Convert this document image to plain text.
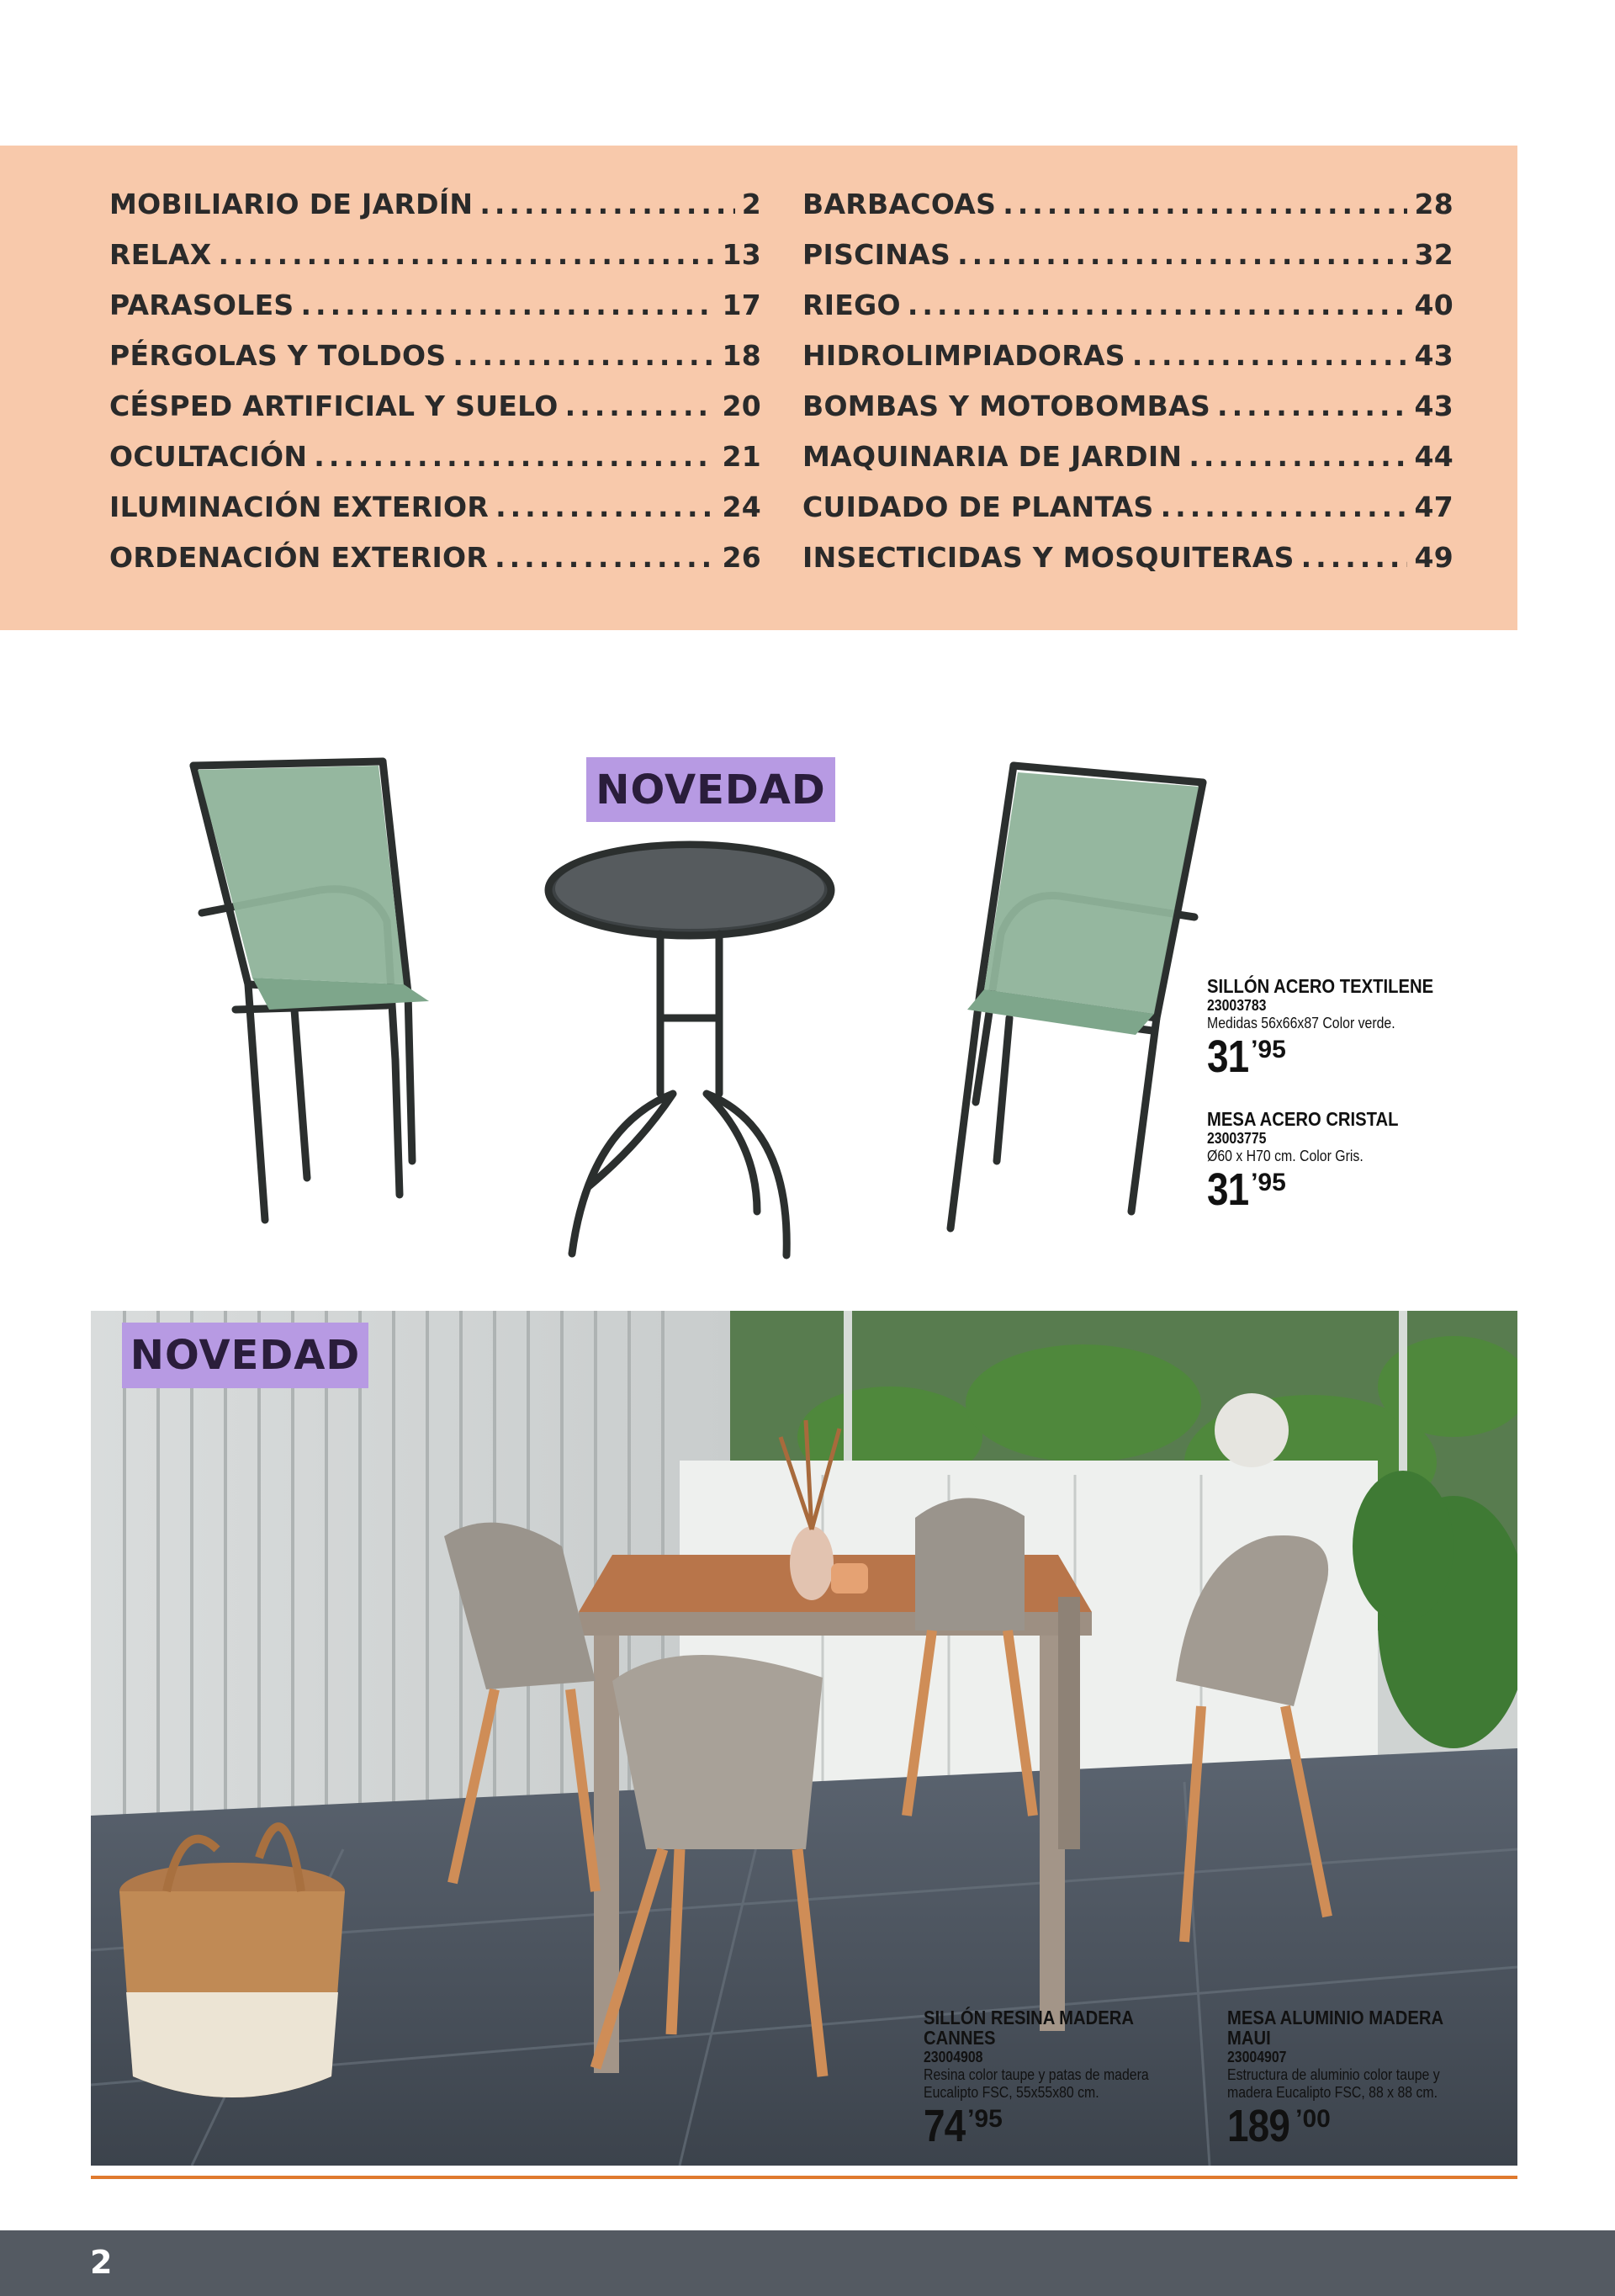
MOBILIARIO DE JARDÍN .....	2
RELAX .....	13
PARASOLES .....	17
PÉRGOLAS Y TOLDOS .....	18
CÉSPED ARTIFICIAL Y SUELO .....	20
OCULTACIÓN .....	21
ILUMINACIÓN EXTERIOR .....	24
ORDENACIÓN EXTERIOR .....	26
BARBACOAS .....	28
PISCINAS .....	32
RIEGO .....	40
HIDROLIMPIADORAS .....	43
BOMBAS Y MOTOBOMBAS .....	43
MAQUINARIA DE JARDIN .....	44
CUIDADO DE PLANTAS .....	47
INSECTICIDAS Y MOSQUITERAS .....	49
NOVEDAD
SILLÓN ACERO TEXTILENE
23003783
Medidas 56x66x87 Color verde.
31 ’95
MESA ACERO CRISTAL
23003775
Ø60 x H70 cm. Color Gris.
31 ’95
NOVEDAD
SILLÓN RESINA MADERA
CANNES
23004908
Resina color taupe y patas de madera
Eucalipto FSC, 55x55x80 cm.
74 ’95
MESA ALUMINIO MADERA
MAUI
23004907
Estructura de aluminio color taupe y
madera Eucalipto FSC, 88 x 88 cm.
189 ’00
2
